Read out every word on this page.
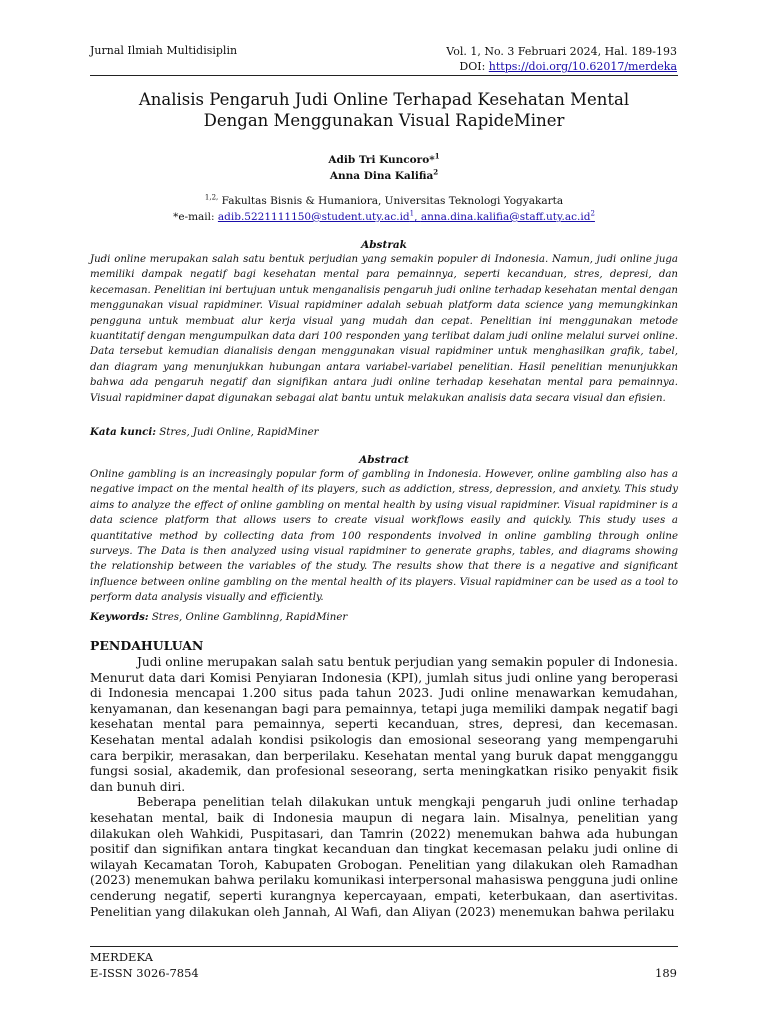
Jurnal Ilmiah Multidisiplin	Vol. 1, No. 3 Februari 2024, Hal. 189-193
DOI: https://doi.org/10.62017/merdeka
Analisis Pengaruh Judi Online Terhapad Kesehatan Mental
Dengan Menggunakan Visual RapideMiner
Adib Tri Kuncoro*$^1$
Anna Dina Kalifia$^2$
$^{1,2,}$ Fakultas Bisnis & Humaniora, Universitas Teknologi Yogyakarta
*e-mail: adib.5221111150@student.uty.ac.id$^1$, anna.dina.kalifia@staff.uty.ac.id$^2$
Abstrak
Judi online merupakan salah satu bentuk perjudian yang semakin populer di Indonesia. Namun, judi online juga memiliki dampak negatif bagi kesehatan mental para pemainnya, seperti kecanduan, stres, depresi, dan kecemasan. Penelitian ini bertujuan untuk menganalisis pengaruh judi online terhadap kesehatan mental dengan menggunakan visual rapidminer. Visual rapidminer adalah sebuah platform data science yang memungkinkan pengguna untuk membuat alur kerja visual yang mudah dan cepat. Penelitian ini menggunakan metode kuantitatif dengan mengumpulkan data dari 100 responden yang terlibat dalam judi online melalui survei online. Data tersebut kemudian dianalisis dengan menggunakan visual rapidminer untuk menghasilkan grafik, tabel, dan diagram yang menunjukkan hubungan antara variabel-variabel penelitian. Hasil penelitian menunjukkan bahwa ada pengaruh negatif dan signifikan antara judi online terhadap kesehatan mental para pemainnya. Visual rapidminer dapat digunakan sebagai alat bantu untuk melakukan analisis data secara visual dan efisien.
Kata kunci: Stres, Judi Online, RapidMiner
Abstract
Online gambling is an increasingly popular form of gambling in Indonesia. However, online gambling also has a negative impact on the mental health of its players, such as addiction, stress, depression, and anxiety. This study aims to analyze the effect of online gambling on mental health by using visual rapidminer. Visual rapidminer is a data science platform that allows users to create visual workflows easily and quickly. This study uses a quantitative method by collecting data from 100 respondents involved in online gambling through online surveys. The Data is then analyzed using visual rapidminer to generate graphs, tables, and diagrams showing the relationship between the variables of the study. The results show that there is a negative and significant influence between online gambling on the mental health of its players. Visual rapidminer can be used as a tool to perform data analysis visually and efficiently.
Keywords: Stres, Online Gamblinng, RapidMiner
PENDAHULUAN

Judi online merupakan salah satu bentuk perjudian yang semakin populer di Indonesia. Menurut data dari Komisi Penyiaran Indonesia (KPI), jumlah situs judi online yang beroperasi di Indonesia mencapai 1.200 situs pada tahun 2023. Judi online menawarkan kemudahan, kenyamanan, dan kesenangan bagi para pemainnya, tetapi juga memiliki dampak negatif bagi kesehatan mental para pemainnya, seperti kecanduan, stres, depresi, dan kecemasan. Kesehatan mental adalah kondisi psikologis dan emosional seseorang yang mempengaruhi cara berpikir, merasakan, dan berperilaku. Kesehatan mental yang buruk dapat mengganggu fungsi sosial, akademik, dan profesional seseorang, serta meningkatkan risiko penyakit fisik dan bunuh diri.

Beberapa penelitian telah dilakukan untuk mengkaji pengaruh judi online terhadap kesehatan mental, baik di Indonesia maupun di negara lain. Misalnya, penelitian yang dilakukan oleh Wahkidi, Puspitasari, dan Tamrin (2022) menemukan bahwa ada hubungan positif dan signifikan antara tingkat kecanduan dan tingkat kecemasan pelaku judi online di wilayah Kecamatan Toroh, Kabupaten Grobogan. Penelitian yang dilakukan oleh Ramadhan (2023) menemukan bahwa perilaku komunikasi interpersonal mahasiswa pengguna judi online cenderung negatif, seperti kurangnya kepercayaan, empati, keterbukaan, dan asertivitas. Penelitian yang dilakukan oleh Jannah, Al Wafi, dan Aliyan (2023) menemukan bahwa perilaku

MERDEKA
E-ISSN 3026-7854	189
